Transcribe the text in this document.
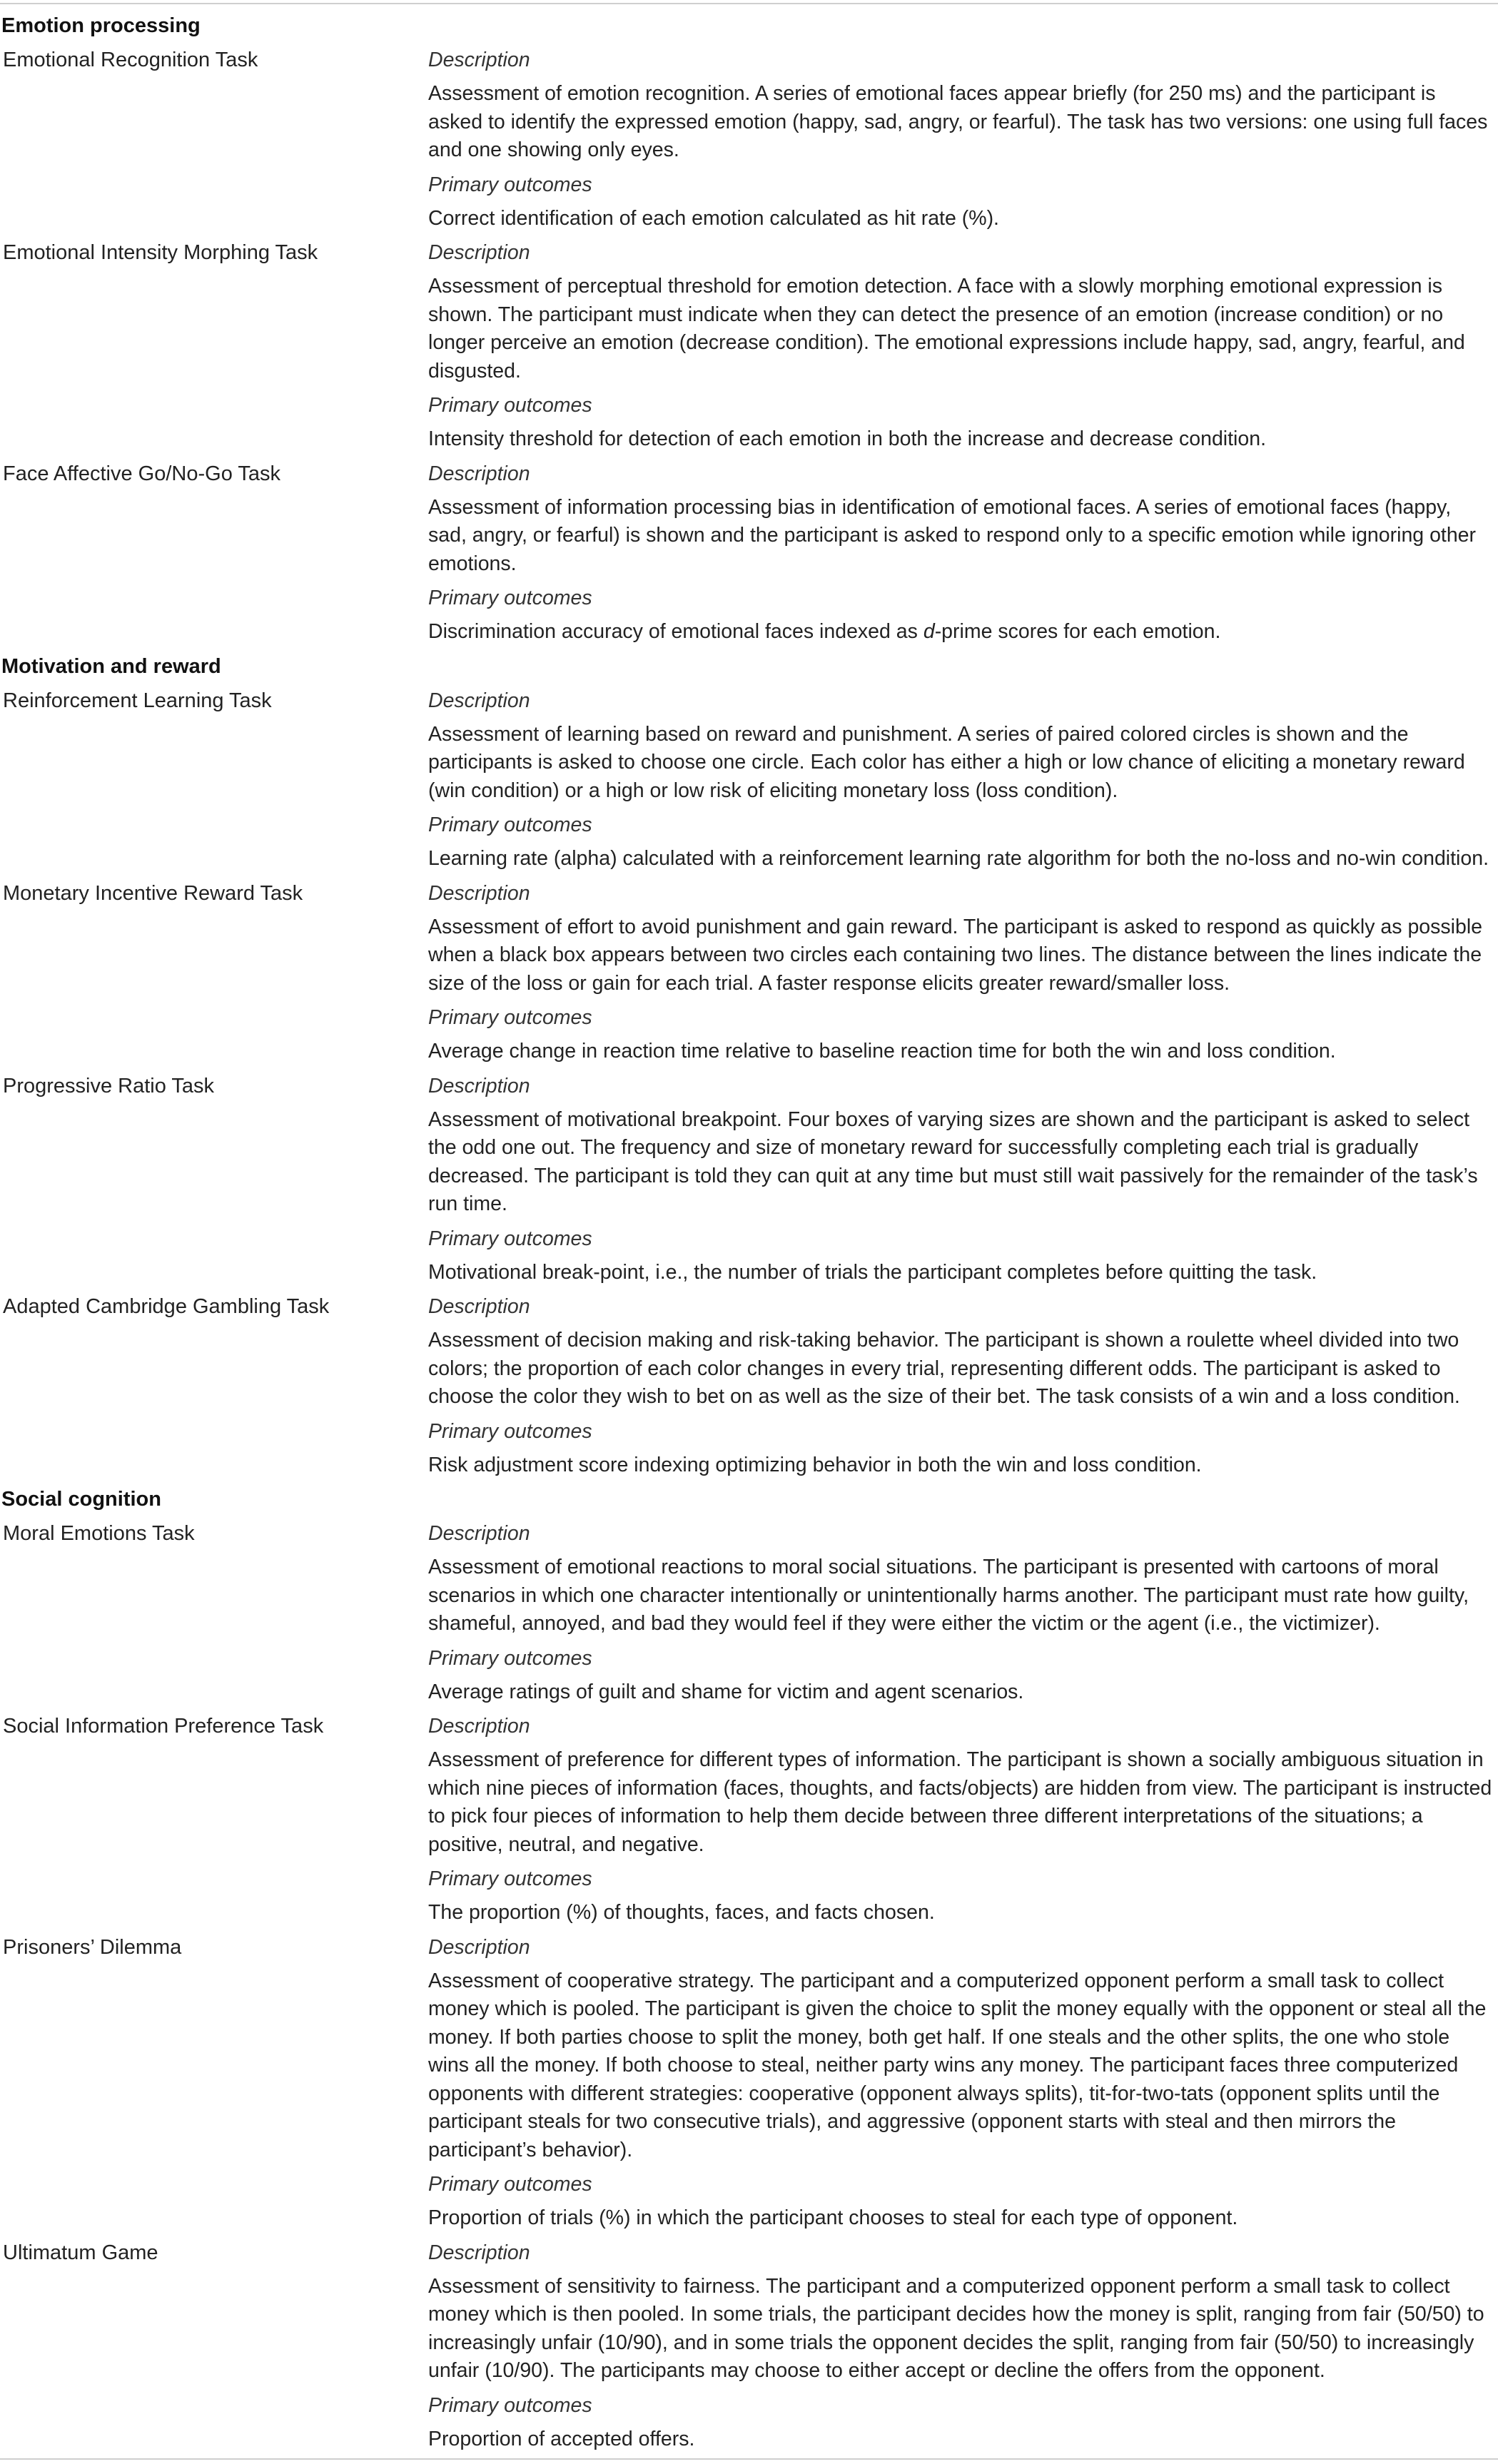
Emotion processing
Emotional Recognition Task	Description
Assessment of emotion recognition. A series of emotional faces appear briefly (for 250 ms) and the participant is asked to identify the expressed emotion (happy, sad, angry, or fearful). The task has two versions: one using full faces and one showing only eyes.
Primary outcomes
Correct identification of each emotion calculated as hit rate (%).
Emotional Intensity Morphing Task	Description
Assessment of perceptual threshold for emotion detection. A face with a slowly morphing emotional expression is shown. The participant must indicate when they can detect the presence of an emotion (increase condition) or no longer perceive an emotion (decrease condition). The emotional expressions include happy, sad, angry, fearful, and disgusted.
Primary outcomes
Intensity threshold for detection of each emotion in both the increase and decrease condition.
Face Affective Go/No-Go Task	Description
Assessment of information processing bias in identification of emotional faces. A series of emotional faces (happy, sad, angry, or fearful) is shown and the participant is asked to respond only to a specific emotion while ignoring other emotions.
Primary outcomes
Discrimination accuracy of emotional faces indexed as d-prime scores for each emotion.
Motivation and reward
Reinforcement Learning Task	Description
Assessment of learning based on reward and punishment. A series of paired colored circles is shown and the participants is asked to choose one circle. Each color has either a high or low chance of eliciting a monetary reward (win condition) or a high or low risk of eliciting monetary loss (loss condition).
Primary outcomes
Learning rate (alpha) calculated with a reinforcement learning rate algorithm for both the no-loss and no-win condition.
Monetary Incentive Reward Task	Description
Assessment of effort to avoid punishment and gain reward. The participant is asked to respond as quickly as possible when a black box appears between two circles each containing two lines. The distance between the lines indicate the size of the loss or gain for each trial. A faster response elicits greater reward/smaller loss.
Primary outcomes
Average change in reaction time relative to baseline reaction time for both the win and loss condition.
Progressive Ratio Task	Description
Assessment of motivational breakpoint. Four boxes of varying sizes are shown and the participant is asked to select the odd one out. The frequency and size of monetary reward for successfully completing each trial is gradually decreased. The participant is told they can quit at any time but must still wait passively for the remainder of the task’s run time.
Primary outcomes
Motivational break-point, i.e., the number of trials the participant completes before quitting the task.
Adapted Cambridge Gambling Task	Description
Assessment of decision making and risk-taking behavior. The participant is shown a roulette wheel divided into two colors; the proportion of each color changes in every trial, representing different odds. The participant is asked to choose the color they wish to bet on as well as the size of their bet. The task consists of a win and a loss condition.
Primary outcomes
Risk adjustment score indexing optimizing behavior in both the win and loss condition.
Social cognition
Moral Emotions Task	Description
Assessment of emotional reactions to moral social situations. The participant is presented with cartoons of moral scenarios in which one character intentionally or unintentionally harms another. The participant must rate how guilty, shameful, annoyed, and bad they would feel if they were either the victim or the agent (i.e., the victimizer).
Primary outcomes
Average ratings of guilt and shame for victim and agent scenarios.
Social Information Preference Task	Description
Assessment of preference for different types of information. The participant is shown a socially ambiguous situation in which nine pieces of information (faces, thoughts, and facts/objects) are hidden from view. The participant is instructed to pick four pieces of information to help them decide between three different interpretations of the situations; a positive, neutral, and negative.
Primary outcomes
The proportion (%) of thoughts, faces, and facts chosen.
Prisoners’ Dilemma	Description
Assessment of cooperative strategy. The participant and a computerized opponent perform a small task to collect money which is pooled. The participant is given the choice to split the money equally with the opponent or steal all the money. If both parties choose to split the money, both get half. If one steals and the other splits, the one who stole wins all the money. If both choose to steal, neither party wins any money. The participant faces three computerized opponents with different strategies: cooperative (opponent always splits), tit-for-two-tats (opponent splits until the participant steals for two consecutive trials), and aggressive (opponent starts with steal and then mirrors the participant’s behavior).
Primary outcomes
Proportion of trials (%) in which the participant chooses to steal for each type of opponent.
Ultimatum Game	Description
Assessment of sensitivity to fairness. The participant and a computerized opponent perform a small task to collect money which is then pooled. In some trials, the participant decides how the money is split, ranging from fair (50/50) to increasingly unfair (10/90), and in some trials the opponent decides the split, ranging from fair (50/50) to increasingly unfair (10/90). The participants may choose to either accept or decline the offers from the opponent.
Primary outcomes
Proportion of accepted offers.
